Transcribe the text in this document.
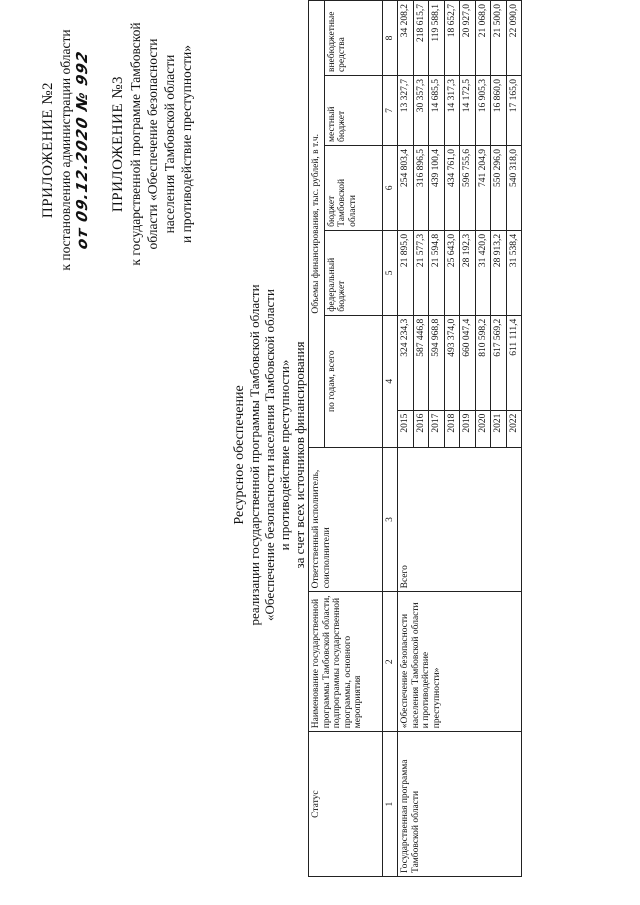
ПРИЛОЖЕНИЕ №2 к постановлению администрации области от 09.12.2020 № 992 ПРИЛОЖЕНИЕ №3 к государственной программе Тамбовской области «Обеспечение безопасности населения Тамбовской области и противодействие преступности»
Ресурсное обеспечение реализации государственной программы Тамбовской области «Обеспечение безопасности населения Тамбовской области и противодействие преступности» за счет всех источников финансирования
Статус	Наименование государственной программы Тамбовской области, подпрограммы государственной программы, основного мероприятия	Ответственный исполнитель, соисполнители	Объемы финансирования, тыс. рублей, в т.ч.					
			по годам, всего		федеральный бюджет	бюджет Тамбовской области	местный бюджет	внебюджетные средства
1	2	3	4		5	6	7	8
Государственная программа Тамбовской области	«Обеспечение безопасности населения Тамбовской области и противодействие преступности»	Всего	2015	324 234,3	21 895,0	254 803,4	13 327,7	34 208,2
			2016	587 446,8	21 577,3	316 896,5	30 357,3	218 615,7
			2017	594 968,8	21 594,8	439 100,4	14 685,5	119 588,1
			2018	493 374,0	25 643,0	434 761,0	14 317,3	18 652,7
			2019	660 047,4	28 192,3	596 755,6	14 172,5	20 927,0
			2020	810 598,2	31 420,0	741 204,9	16 905,3	21 068,0
			2021	617 569,2	28 913,2	550 296,0	16 860,0	21 500,0
			2022	611 111,4	31 538,4	540 318,0	17 165,0	22 090,0
